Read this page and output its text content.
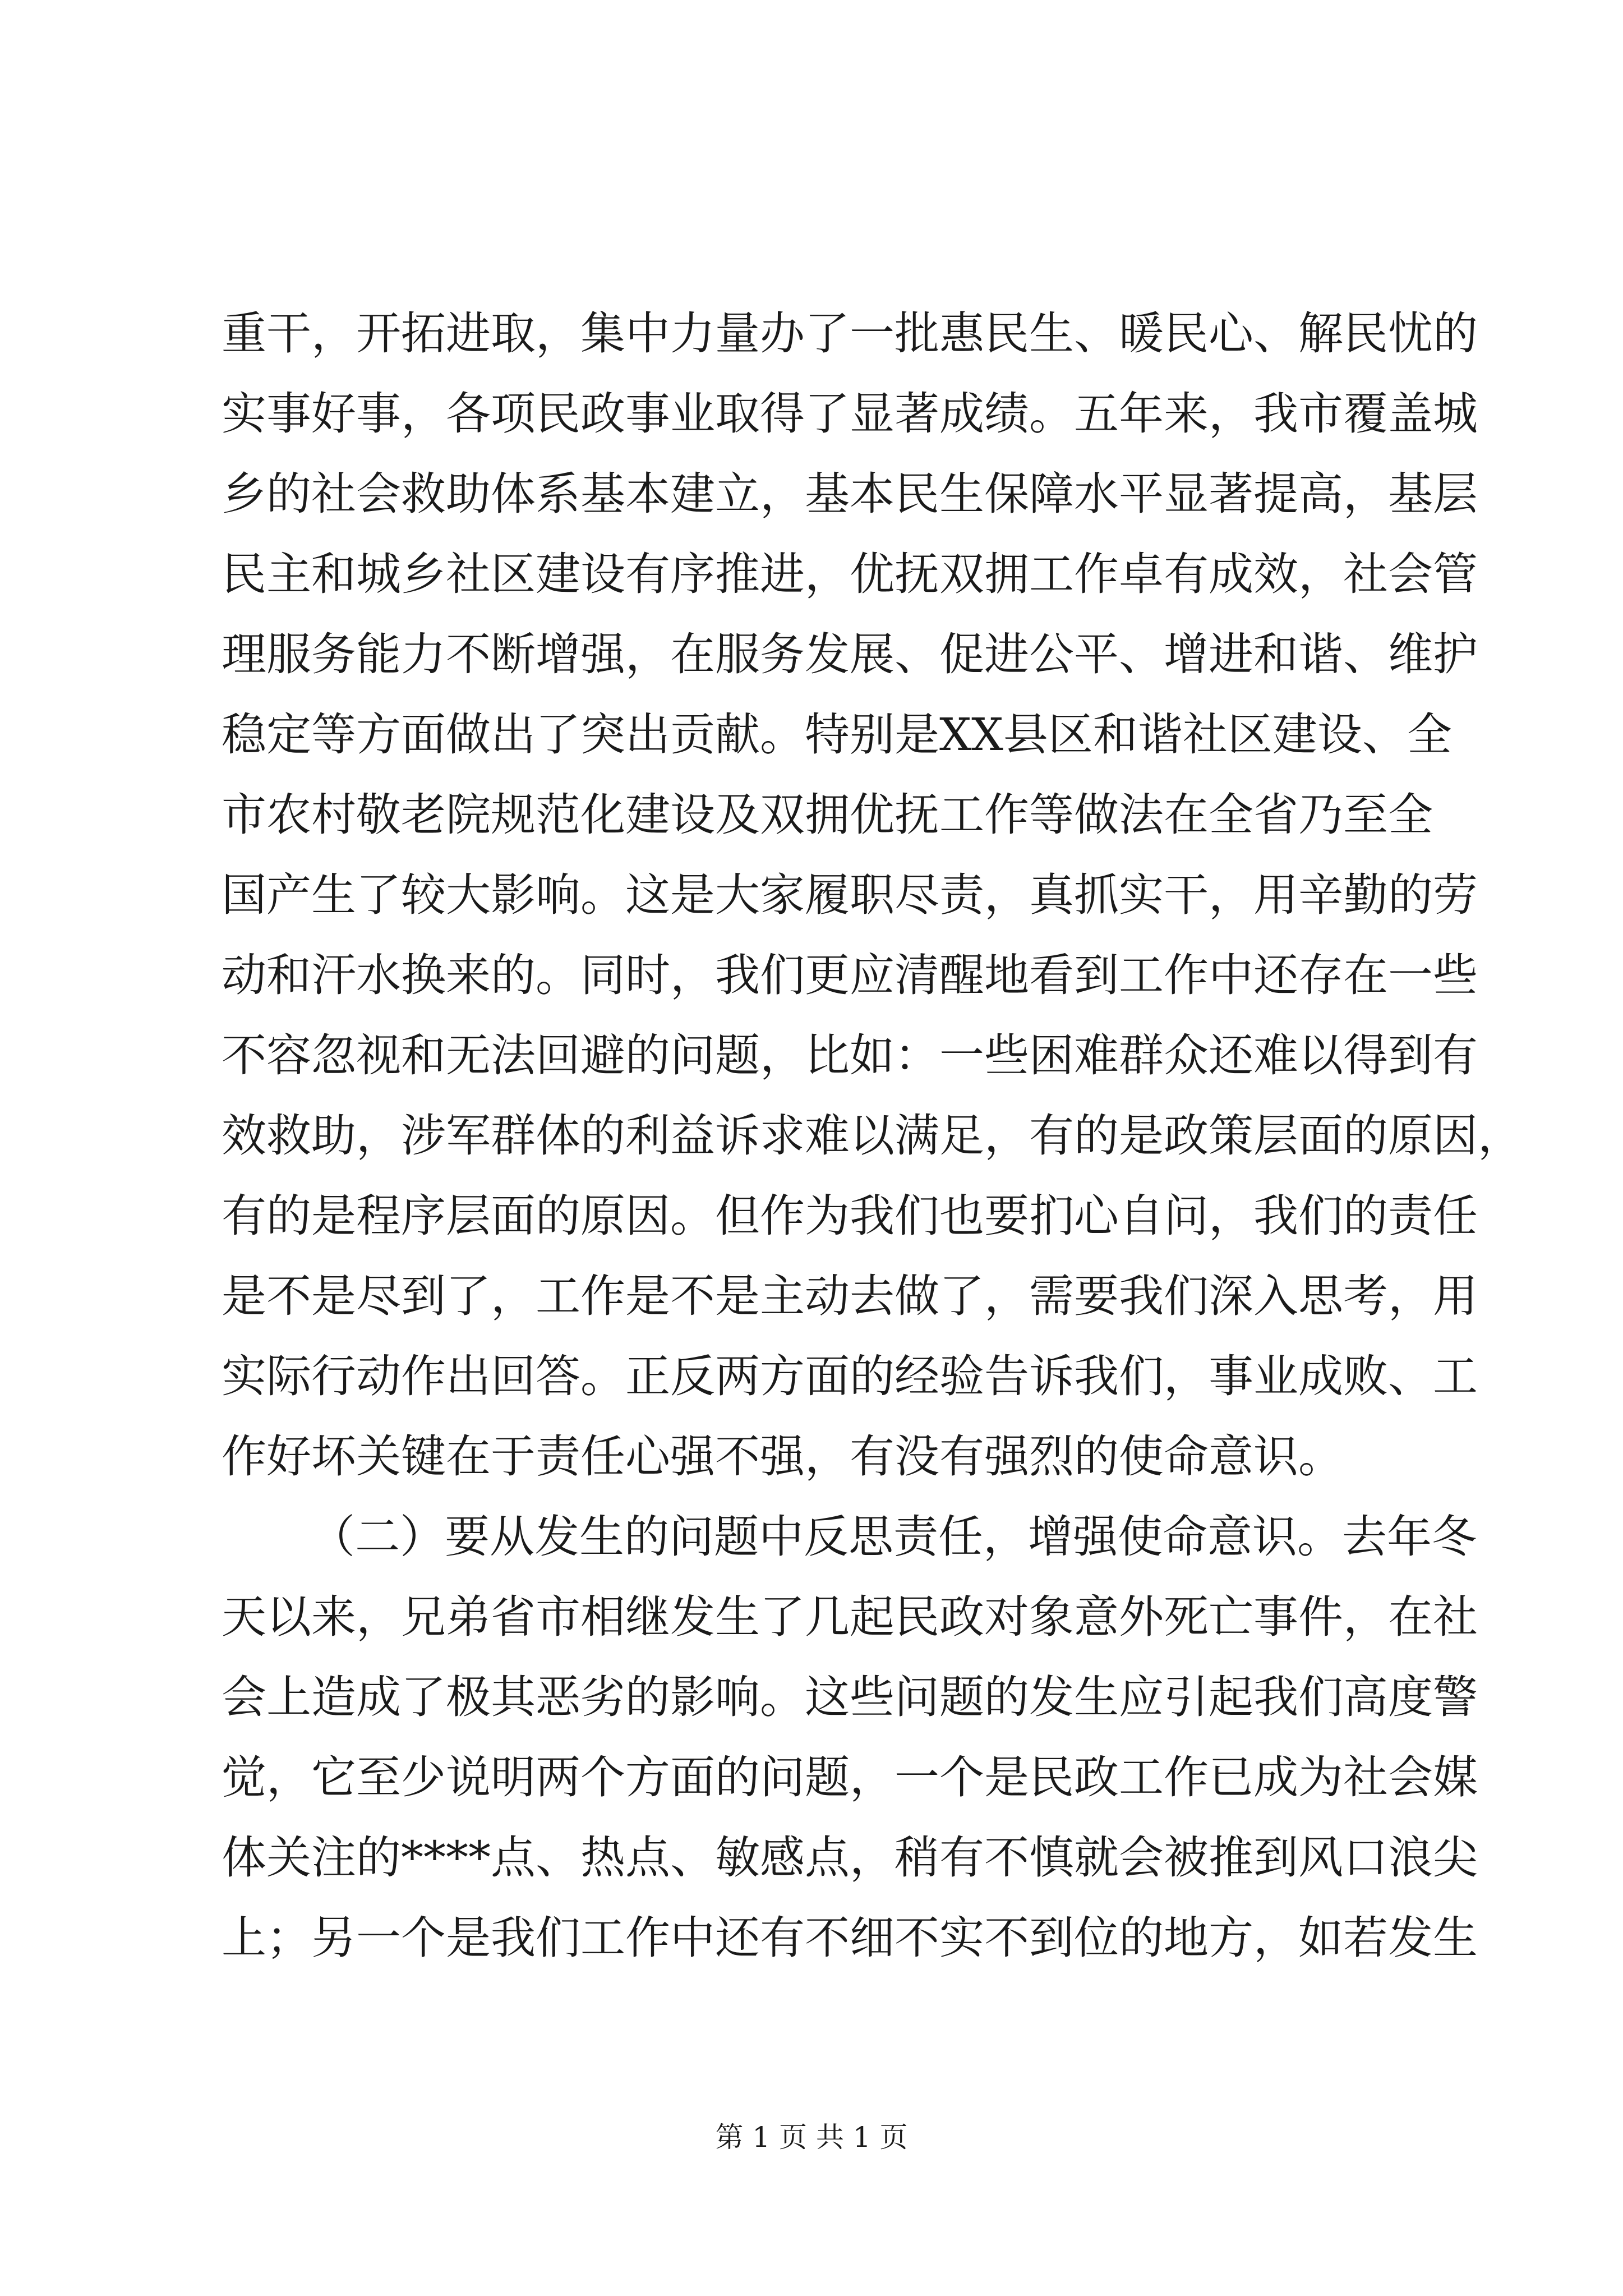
重干，开拓进取，集中力量办了一批惠民生、暖民心、解民忧的
实事好事，各项民政事业取得了显著成绩。五年来，我市覆盖城
乡的社会救助体系基本建立，基本民生保障水平显著提高，基层
民主和城乡社区建设有序推进，优抚双拥工作卓有成效，社会管
理服务能力不断增强，在服务发展、促进公平、增进和谐、维护
稳定等方面做出了突出贡献。特别是XX县区和谐社区建设、全
市农村敬老院规范化建设及双拥优抚工作等做法在全省乃至全
国产生了较大影响。这是大家履职尽责，真抓实干，用辛勤的劳
动和汗水换来的。同时，我们更应清醒地看到工作中还存在一些
不容忽视和无法回避的问题，比如：一些困难群众还难以得到有
效救助，涉军群体的利益诉求难以满足，有的是政策层面的原因，
有的是程序层面的原因。但作为我们也要扪心自问，我们的责任
是不是尽到了，工作是不是主动去做了，需要我们深入思考，用
实际行动作出回答。正反两方面的经验告诉我们，事业成败、工
作好坏关键在于责任心强不强，有没有强烈的使命意识。
（二）要从发生的问题中反思责任，增强使命意识。去年冬
天以来，兄弟省市相继发生了几起民政对象意外死亡事件，在社
会上造成了极其恶劣的影响。这些问题的发生应引起我们高度警
觉，它至少说明两个方面的问题，一个是民政工作已成为社会媒
体关注的****点、热点、敏感点，稍有不慎就会被推到风口浪尖
上；另一个是我们工作中还有不细不实不到位的地方，如若发生
第 1 页 共 1 页
